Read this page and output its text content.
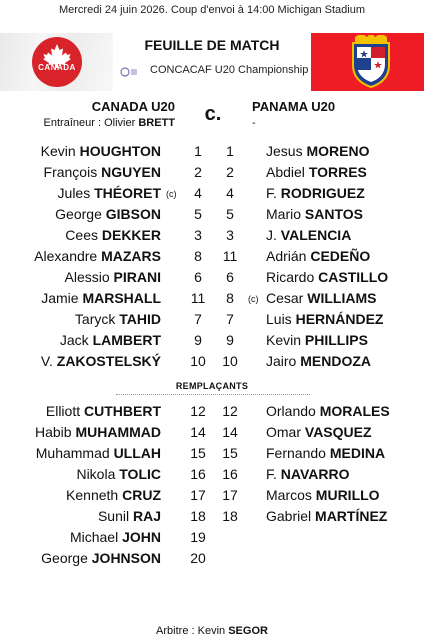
Mercredi 24 juin 2026. Coup d'envoi à 14:00 Michigan Stadium
CANADA
FEUILLE DE MATCH
CONCACAF U20 Championship
CANADA U20
Entraîneur : Olivier BRETT c.	PANAMA U20
-
Kevin HOUGHTON	1	1	Jesus MORENO
François NGUYEN	2	2	Abdiel TORRES
Jules THÉORET (c)	4	4	F. RODRIGUEZ
George GIBSON	5	5	Mario SANTOS
Cees DEKKER	3	3	J. VALENCIA
Alexandre MAZARS	8	11	Adrián CEDEÑO
Alessio PIRANI	6	6	Ricardo CASTILLO
Jamie MARSHALL	11	8	(c) Cesar WILLIAMS
Taryck TAHID	7	7	Luis HERNÁNDEZ
Jack LAMBERT	9	9	Kevin PHILLIPS
V. ZAKOSTELSKÝ	10	10	Jairo MENDOZA
REMPLAÇANTS
Elliott CUTHBERT	12	12	Orlando MORALES
Habib MUHAMMAD	14	14	Omar VASQUEZ
Muhammad ULLAH	15	15	Fernando MEDINA
Nikola TOLIC	16	16	F. NAVARRO
Kenneth CRUZ	17	17	Marcos MURILLO
Sunil RAJ	18	18	Gabriel MARTÍNEZ
Michael JOHN	19
George JOHNSON	20
Arbitre : Kevin SEGOR
